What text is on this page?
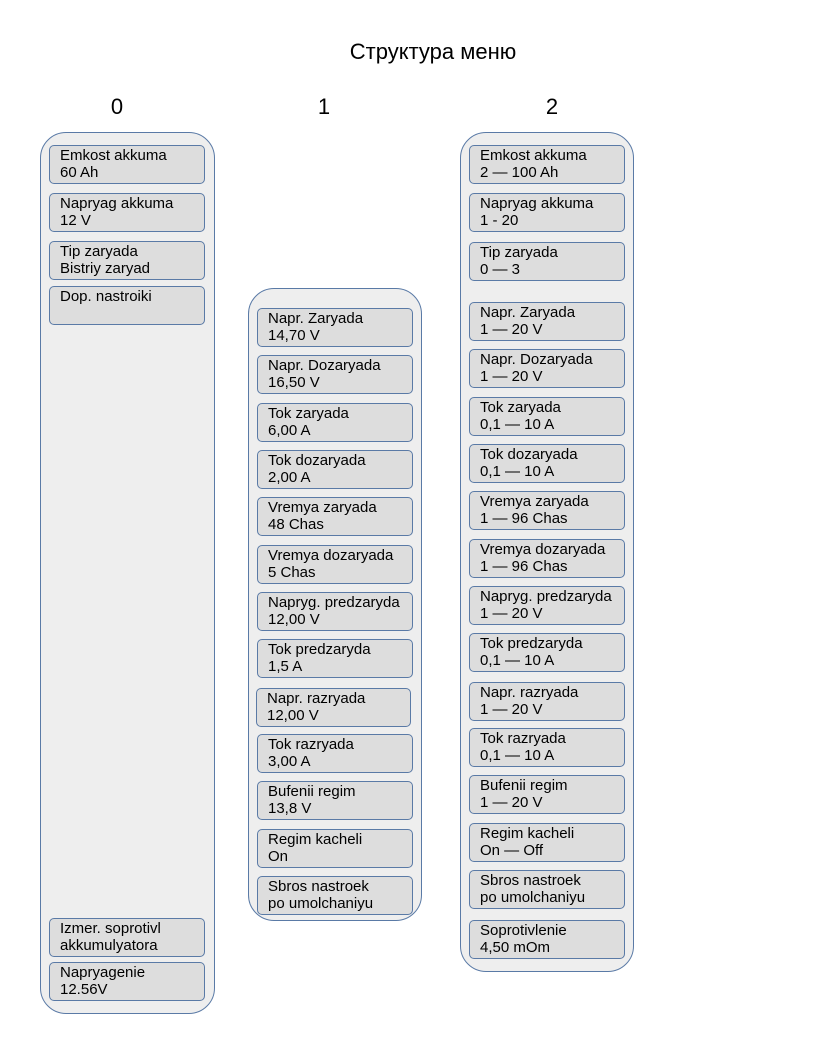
Структура меню
0	1	2
Emkost akkuma
60 Ah
Napryag akkuma
12 V
Tip zaryada
Bistriy zaryad
Dop. nastroiki
Izmer. soprotivl
akkumulyatora
Napryagenie
12.56V
Napr. Zaryada
14,70 V
Napr. Dozaryada
16,50 V
Tok zaryada
6,00 A
Tok dozaryada
2,00 A
Vremya zaryada
48 Chas
Vremya dozaryada
5 Chas
Napryg. predzaryda
12,00 V
Tok predzaryda
1,5 A
Napr. razryada
12,00 V
Tok razryada
3,00 A
Bufenii regim
13,8 V
Regim kacheli
On
Sbros nastroek
po umolchaniyu
Emkost akkuma
2 — 100 Ah
Napryag akkuma
1 - 20
Tip zaryada
0 — 3
Napr. Zaryada
1 — 20 V
Napr. Dozaryada
1 — 20 V
Tok zaryada
0,1 — 10 A
Tok dozaryada
0,1 — 10 A
Vremya zaryada
1 — 96 Chas
Vremya dozaryada
1 — 96 Chas
Napryg. predzaryda
1 — 20 V
Tok predzaryda
0,1 — 10 A
Napr. razryada
1 — 20 V
Tok razryada
0,1 — 10 A
Bufenii regim
1 — 20 V
Regim kacheli
On — Off
Sbros nastroek
po umolchaniyu
Soprotivlenie
4,50 mOm
